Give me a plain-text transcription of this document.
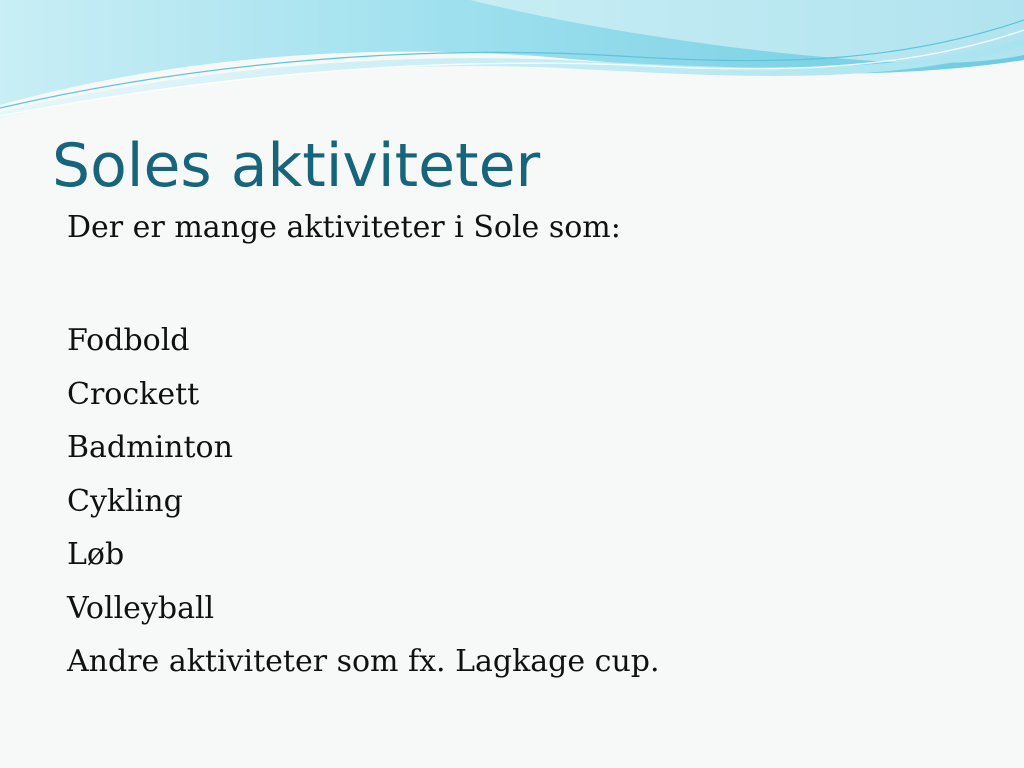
Soles aktiviteter

Der er mange aktiviteter i Sole som:

Fodbold
Crockett
Badminton
Cykling
Løb
Volleyball
Andre aktiviteter som fx. Lagkage cup.
